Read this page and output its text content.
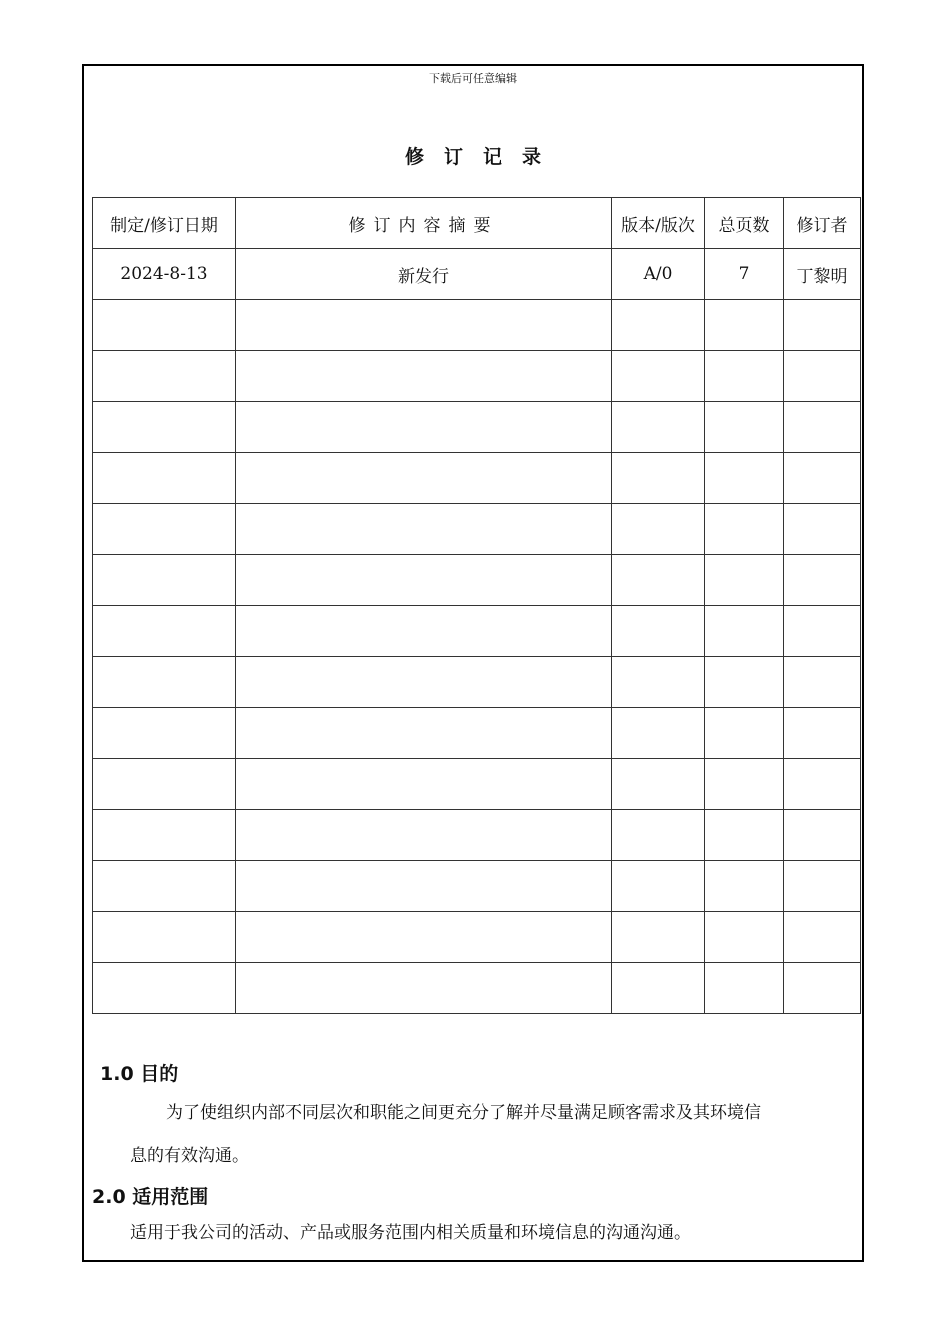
下载后可任意编辑
修订记录
制定/修订日期	修订内容摘要	版本/版次	总页数	修订者
2024-8-13	新发行	A/0	7	丁黎明

1.0 目的
为了使组织内部不同层次和职能之间更充分了解并尽量满足顾客需求及其环境信
息的有效沟通。
2.0 适用范围
适用于我公司的活动、产品或服务范围内相关质量和环境信息的沟通沟通。
